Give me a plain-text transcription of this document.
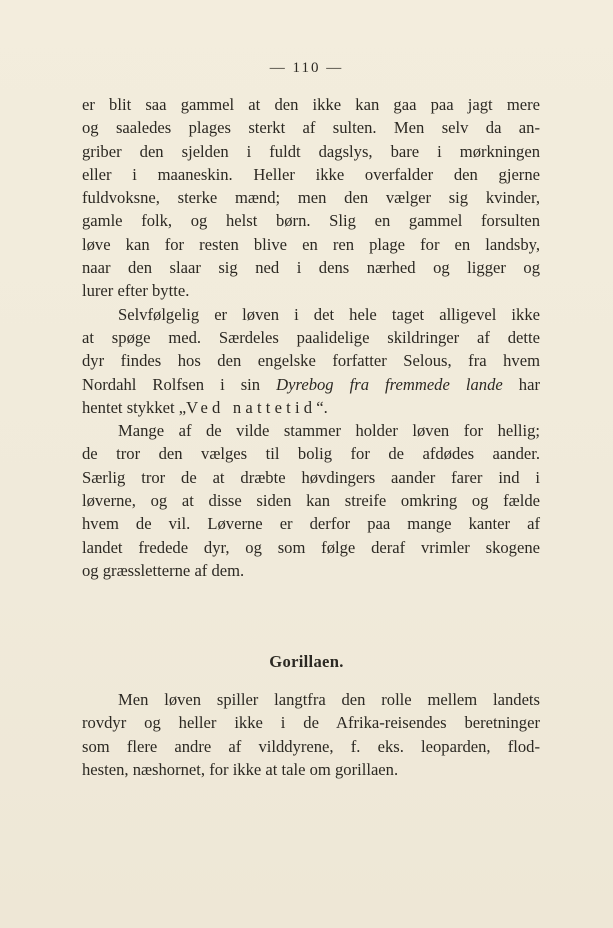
— 110 —

er blit saa gammel at den ikke kan gaa paa jagt mere

og saaledes plages sterkt af sulten. Men selv da an-

griber den sjelden i fuldt dagslys, bare i mørkningen

eller i maaneskin. Heller ikke overfalder den gjerne

fuldvoksne, sterke mænd; men den vælger sig kvinder,

gamle folk, og helst børn. Slig en gammel forsulten

løve kan for resten blive en ren plage for en landsby,

naar den slaar sig ned i dens nærhed og ligger og

lurer efter bytte.

Selvfølgelig er løven i det hele taget alligevel ikke

at spøge med. Særdeles paalidelige skildringer af dette

dyr findes hos den engelske forfatter Selous, fra hvem

Nordahl Rolfsen i sin Dyrebog fra fremmede lande har

hentet stykket „Ved nattetid“.

Mange af de vilde stammer holder løven for hellig;

de tror den vælges til bolig for de afdødes aander.

Særlig tror de at dræbte høvdingers aander farer ind i

løverne, og at disse siden kan streife omkring og fælde

hvem de vil. Løverne er derfor paa mange kanter af

landet fredede dyr, og som følge deraf vrimler skogene

og græssletterne af dem.

Gorillaen.

Men løven spiller langtfra den rolle mellem landets

rovdyr og heller ikke i de Afrika-reisendes beretninger

som flere andre af vilddyrene, f. eks. leoparden, flod-

hesten, næshornet, for ikke at tale om gorillaen.
